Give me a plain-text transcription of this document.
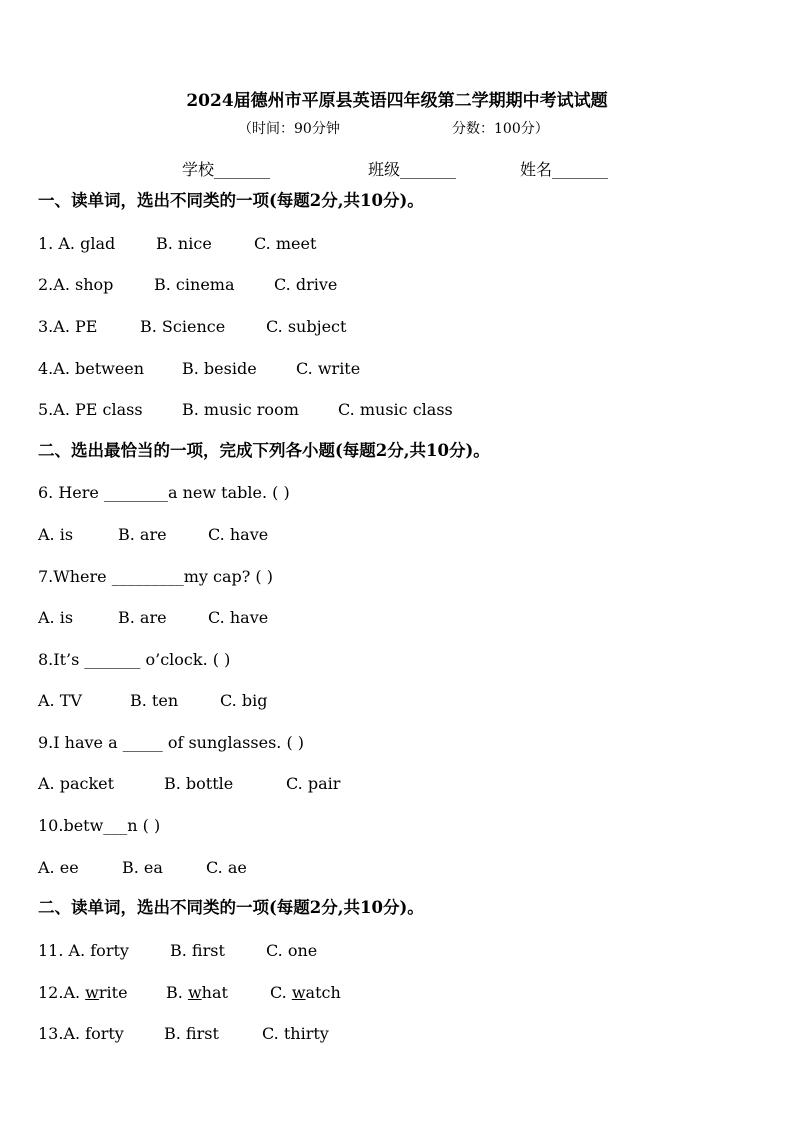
2024届德州市平原县英语四年级第二学期期中考试试题
（时间：90分钟	分数：100分）
学校_______	班级_______	姓名_______
一、读单词，选出不同类的一项(每题2分,共10分)。
1. A. glad	B. nice	C. meet
2.A. shop	B. cinema C. drive
3.A. PE	B. Science	C. subject
4.A. between B. beside C. write
5.A. PE class B. music room C. music class
二、选出最恰当的一项，完成下列各小题(每题2分,共10分)。
6. Here ________a new table. ( )
A. is	B. are	C. have
7.Where _________my cap? ( )
A. is	B. are	C. have
8.It’s _______ o’clock. ( )
A. TV	B. ten	C. big
9.I have a _____ of sunglasses. ( )
A. packet	B. bottle	C. pair
10.betw___n ( )
A. ee	B. ea	C. ae
二、读单词，选出不同类的一项(每题2分,共10分)。
11. A. forty	B. first	C. one
12.A. write B. what	C. watch
13.A. forty	B. first	C. thirty
